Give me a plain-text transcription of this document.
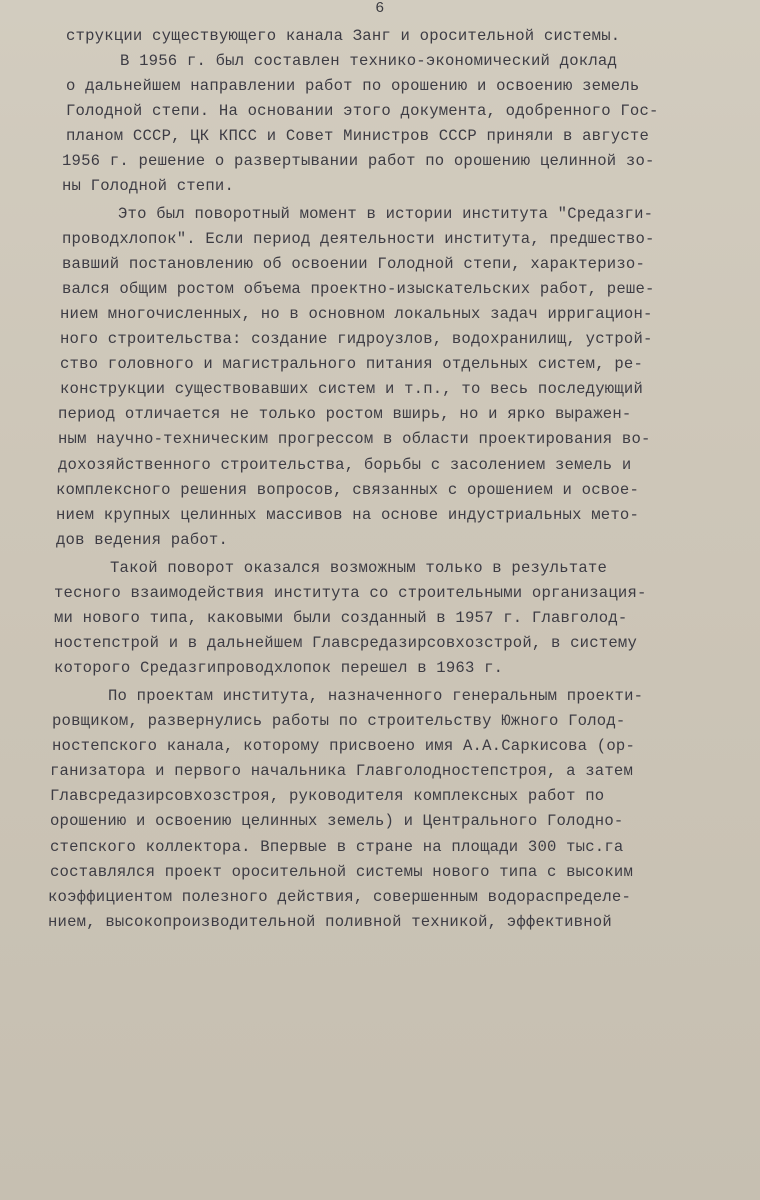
6
струкции существующего канала Занг и оросительной системы.
В 1956 г. был составлен технико-экономический доклад
о дальнейшем направлении работ по орошению и освоению земель
Голодной степи. На основании этого документа, одобренного Гос-
планом СССР, ЦК КПСС и Совет Министров СССР приняли в августе
1956 г. решение о развертывании работ по орошению целинной зо-
ны Голодной степи.
Это был поворотный момент в истории института "Средазги-
проводхлопок". Если период деятельности института, предшество-
вавший постановлению об освоении Голодной степи, характеризо-
вался общим ростом объема проектно-изыскательских работ, реше-
нием многочисленных, но в основном локальных задач ирригацион-
ного строительства: создание гидроузлов, водохранилищ, устрой-
ство головного и магистрального питания отдельных систем, ре-
конструкции существовавших систем и т.п., то весь последующий
период отличается не только ростом вширь, но и ярко выражен-
ным научно-техническим прогрессом в области проектирования во-
дохозяйственного строительства, борьбы с засолением земель и
комплексного решения вопросов, связанных с орошением и освое-
нием крупных целинных массивов на основе индустриальных мето-
дов ведения работ.
Такой поворот оказался возможным только в результате
тесного взаимодействия института со строительными организация-
ми нового типа, каковыми были созданный в 1957 г. Главголод-
ностепстрой и в дальнейшем Главсредазирсовхозстрой, в систему
которого Средазгипроводхлопок перешел в 1963 г.
По проектам института, назначенного генеральным проекти-
ровщиком, развернулись работы по строительству Южного Голод-
ностепского канала, которому присвоено имя А.А.Саркисова (ор-
ганизатора и первого начальника Главголодностепстроя, а затем
Главсредазирсовхозстроя, руководителя комплексных работ по
орошению и освоению целинных земель) и Центрального Голодно-
степского коллектора. Впервые в стране на площади 300 тыс.га
составлялся проект оросительной системы нового типа с высоким
коэффициентом полезного действия, совершенным водораспределе-
нием, высокопроизводительной поливной техникой, эффективной
